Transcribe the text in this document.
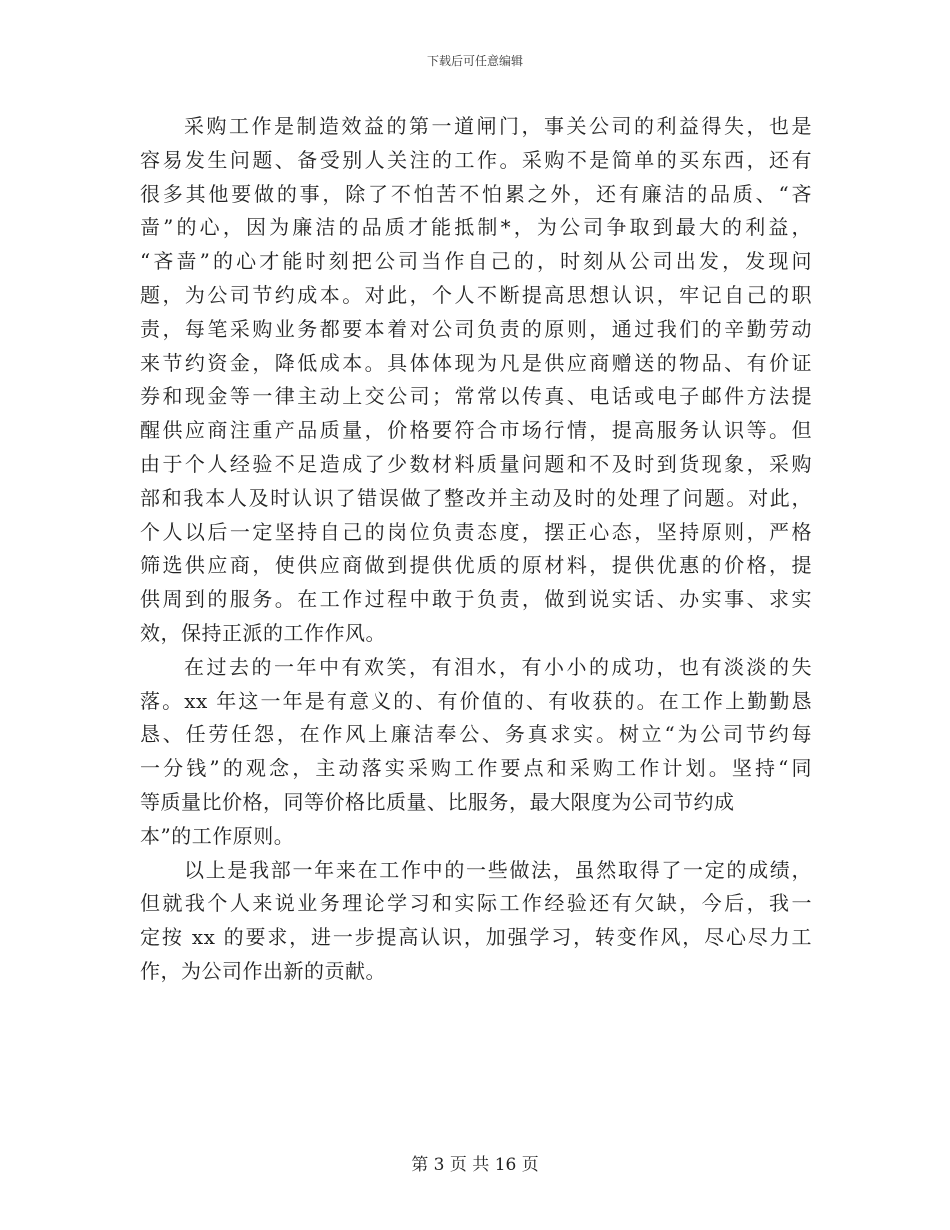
下载后可任意编辑
采购工作是制造效益的第一道闸门，事关公司的利益得失，也是
容易发生问题、备受别人关注的工作。采购不是简单的买东西，还有
很多其他要做的事，除了不怕苦不怕累之外，还有廉洁的品质、“吝
啬”的心，因为廉洁的品质才能抵制*，为公司争取到最大的利益，
“吝啬”的心才能时刻把公司当作自己的，时刻从公司出发，发现问
题，为公司节约成本。对此，个人不断提高思想认识，牢记自己的职
责，每笔采购业务都要本着对公司负责的原则，通过我们的辛勤劳动
来节约资金，降低成本。具体体现为凡是供应商赠送的物品、有价证
券和现金等一律主动上交公司；常常以传真、电话或电子邮件方法提
醒供应商注重产品质量，价格要符合市场行情，提高服务认识等。但
由于个人经验不足造成了少数材料质量问题和不及时到货现象，采购
部和我本人及时认识了错误做了整改并主动及时的处理了问题。对此，
个人以后一定坚持自己的岗位负责态度，摆正心态，坚持原则，严格
筛选供应商，使供应商做到提供优质的原材料，提供优惠的价格，提
供周到的服务。在工作过程中敢于负责，做到说实话、办实事、求实
效，保持正派的工作作风。
在过去的一年中有欢笑，有泪水，有小小的成功，也有淡淡的失
落。xx 年这一年是有意义的、有价值的、有收获的。在工作上勤勤恳
恳、任劳任怨，在作风上廉洁奉公、务真求实。树立“为公司节约每
一分钱”的观念，主动落实采购工作要点和采购工作计划。坚持“同
等质量比价格，同等价格比质量、比服务，最大限度为公司节约成
本”的工作原则。
以上是我部一年来在工作中的一些做法，虽然取得了一定的成绩，
但就我个人来说业务理论学习和实际工作经验还有欠缺，今后，我一
定按 xx 的要求，进一步提高认识，加强学习，转变作风，尽心尽力工
作，为公司作出新的贡献。
第 3 页 共 16 页
